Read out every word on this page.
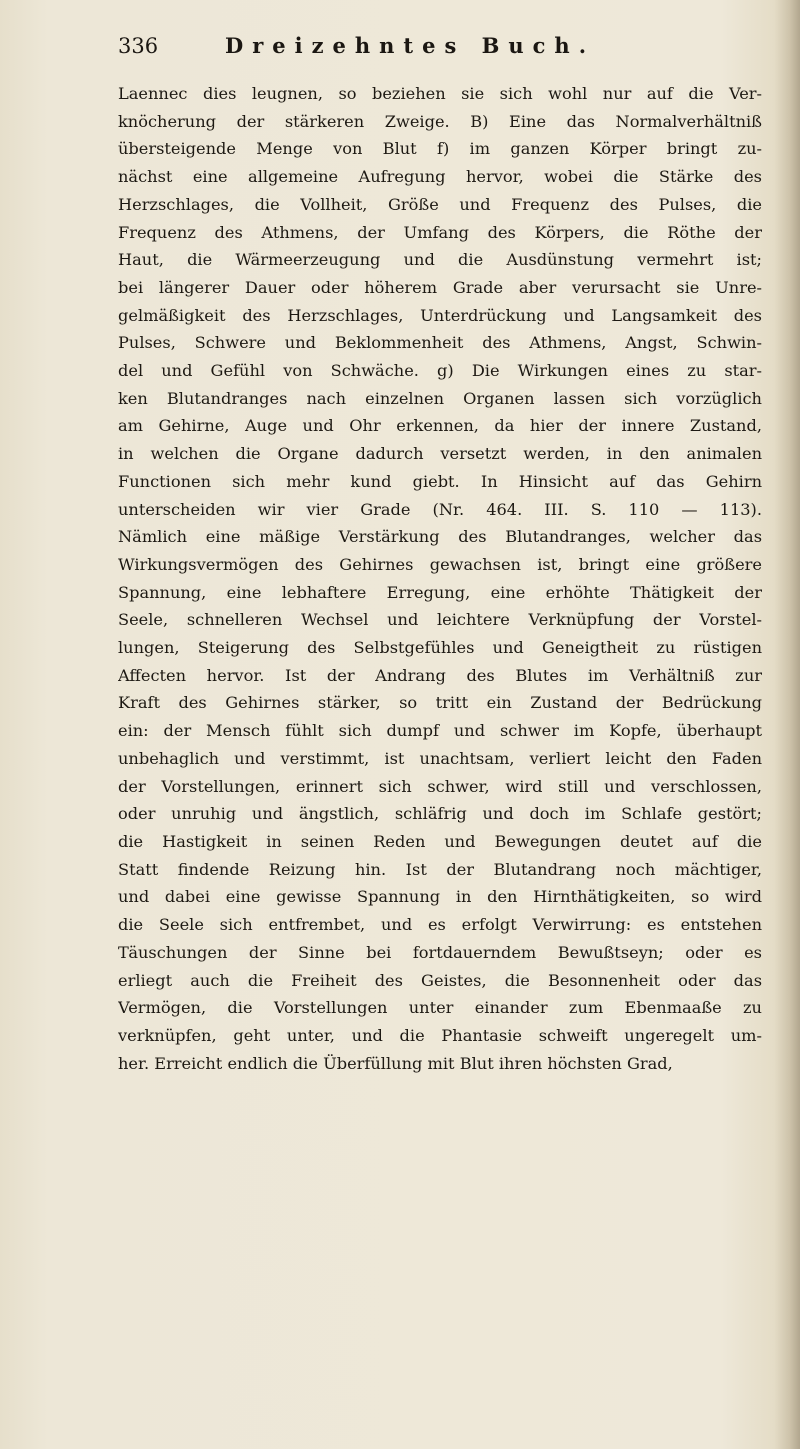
336	Dreizehntes Buch.
Laennec dies leugnen, so beziehen sie sich wohl nur auf die Ver-
knöcherung der stärkeren Zweige. B) Eine das Normalverhältniß
übersteigende Menge von Blut f) im ganzen Körper bringt zu-
nächst eine allgemeine Aufregung hervor, wobei die Stärke des
Herzschlages, die Vollheit, Größe und Frequenz des Pulses, die
Frequenz des Athmens, der Umfang des Körpers, die Röthe der
Haut, die Wärmeerzeugung und die Ausdünstung vermehrt ist;
bei längerer Dauer oder höherem Grade aber verursacht sie Unre-
gelmäßigkeit des Herzschlages, Unterdrückung und Langsamkeit des
Pulses, Schwere und Beklommenheit des Athmens, Angst, Schwin-
del und Gefühl von Schwäche. g) Die Wirkungen eines zu star-
ken Blutandranges nach einzelnen Organen lassen sich vorzüglich
am Gehirne, Auge und Ohr erkennen, da hier der innere Zustand,
in welchen die Organe dadurch versetzt werden, in den animalen
Functionen sich mehr kund giebt. In Hinsicht auf das Gehirn
unterscheiden wir vier Grade (Nr. 464. III. S. 110 — 113).
Nämlich eine mäßige Verstärkung des Blutandranges, welcher das
Wirkungsvermögen des Gehirnes gewachsen ist, bringt eine größere
Spannung, eine lebhaftere Erregung, eine erhöhte Thätigkeit der
Seele, schnelleren Wechsel und leichtere Verknüpfung der Vorstel-
lungen, Steigerung des Selbstgefühles und Geneigtheit zu rüstigen
Affecten hervor. Ist der Andrang des Blutes im Verhältniß zur
Kraft des Gehirnes stärker, so tritt ein Zustand der Bedrückung
ein: der Mensch fühlt sich dumpf und schwer im Kopfe, überhaupt
unbehaglich und verstimmt, ist unachtsam, verliert leicht den Faden
der Vorstellungen, erinnert sich schwer, wird still und verschlossen,
oder unruhig und ängstlich, schläfrig und doch im Schlafe gestört;
die Hastigkeit in seinen Reden und Bewegungen deutet auf die
Statt findende Reizung hin. Ist der Blutandrang noch mächtiger,
und dabei eine gewisse Spannung in den Hirnthätigkeiten, so wird
die Seele sich entfrembet, und es erfolgt Verwirrung: es entstehen
Täuschungen der Sinne bei fortdauerndem Bewußtseyn; oder es
erliegt auch die Freiheit des Geistes, die Besonnenheit oder das
Vermögen, die Vorstellungen unter einander zum Ebenmaaße zu
verknüpfen, geht unter, und die Phantasie schweift ungeregelt um-
her. Erreicht endlich die Überfüllung mit Blut ihren höchsten Grad,
